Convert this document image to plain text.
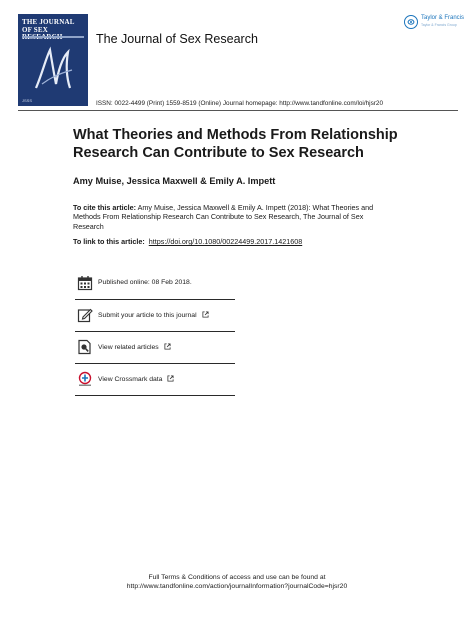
THE JOURNAL OF SEX
JSSS
The Journal of Sex Research
Taylor & Francis
Taylor & Francis Group
ISSN: 0022-4499 (Print) 1559-8519 (Online) Journal homepage: http://www.tandfonline.com/loi/hjsr20
What Theories and Methods From Relationship Research Can Contribute to Sex Research
Amy Muise, Jessica Maxwell & Emily A. Impett
To cite this article: Amy Muise, Jessica Maxwell & Emily A. Impett (2018): What Theories and Methods From Relationship Research Can Contribute to Sex Research, The Journal of Sex Research
To link to this article: https://doi.org/10.1080/00224499.2017.1421608
Published online: 08 Feb 2018.
Submit your article to this journal
View related articles
View Crossmark data
Full Terms & Conditions of access and use can be found at
http://www.tandfonline.com/action/journalInformation?journalCode=hjsr20
